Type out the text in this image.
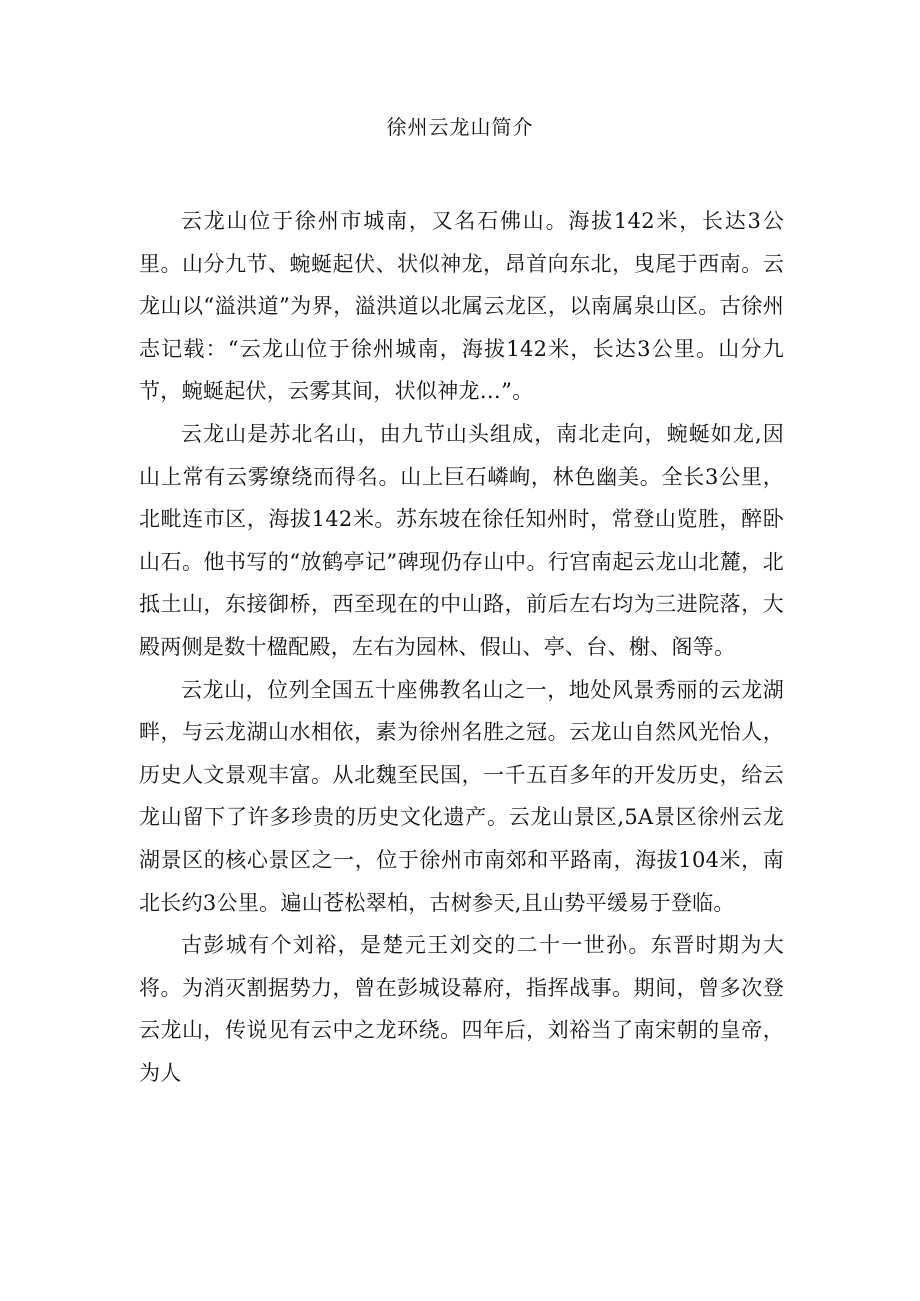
徐州云龙山简介

云龙山位于徐州市城南，又名石佛山。海拔142米，长达3公里。山分九节、蜿蜒起伏、状似神龙，昂首向东北，曳尾于西南。云龙山以“溢洪道”为界，溢洪道以北属云龙区，以南属泉山区。古徐州志记载：“云龙山位于徐州城南，海拔142米，长达3公里。山分九节，蜿蜒起伏，云雾其间，状似神龙…”。

云龙山是苏北名山，由九节山头组成，南北走向，蜿蜒如龙,因山上常有云雾缭绕而得名。山上巨石嶙峋，林色幽美。全长3公里，北毗连市区，海拔142米。苏东坡在徐任知州时，常登山览胜，醉卧山石。他书写的“放鹤亭记”碑现仍存山中。行宫南起云龙山北麓，北抵土山，东接御桥，西至现在的中山路，前后左右均为三进院落，大殿两侧是数十楹配殿，左右为园林、假山、亭、台、榭、阁等。

云龙山，位列全国五十座佛教名山之一，地处风景秀丽的云龙湖畔，与云龙湖山水相依，素为徐州名胜之冠。云龙山自然风光怡人，历史人文景观丰富。从北魏至民国，一千五百多年的开发历史，给云龙山留下了许多珍贵的历史文化遗产。云龙山景区,5A景区徐州云龙湖景区的核心景区之一，位于徐州市南郊和平路南，海拔104米，南北长约3公里。遍山苍松翠柏，古树参天,且山势平缓易于登临。

古彭城有个刘裕，是楚元王刘交的二十一世孙。东晋时期为大将。为消灭割据势力，曾在彭城设幕府，指挥战事。期间，曾多次登云龙山，传说见有云中之龙环绕。四年后，刘裕当了南宋朝的皇帝，为人
